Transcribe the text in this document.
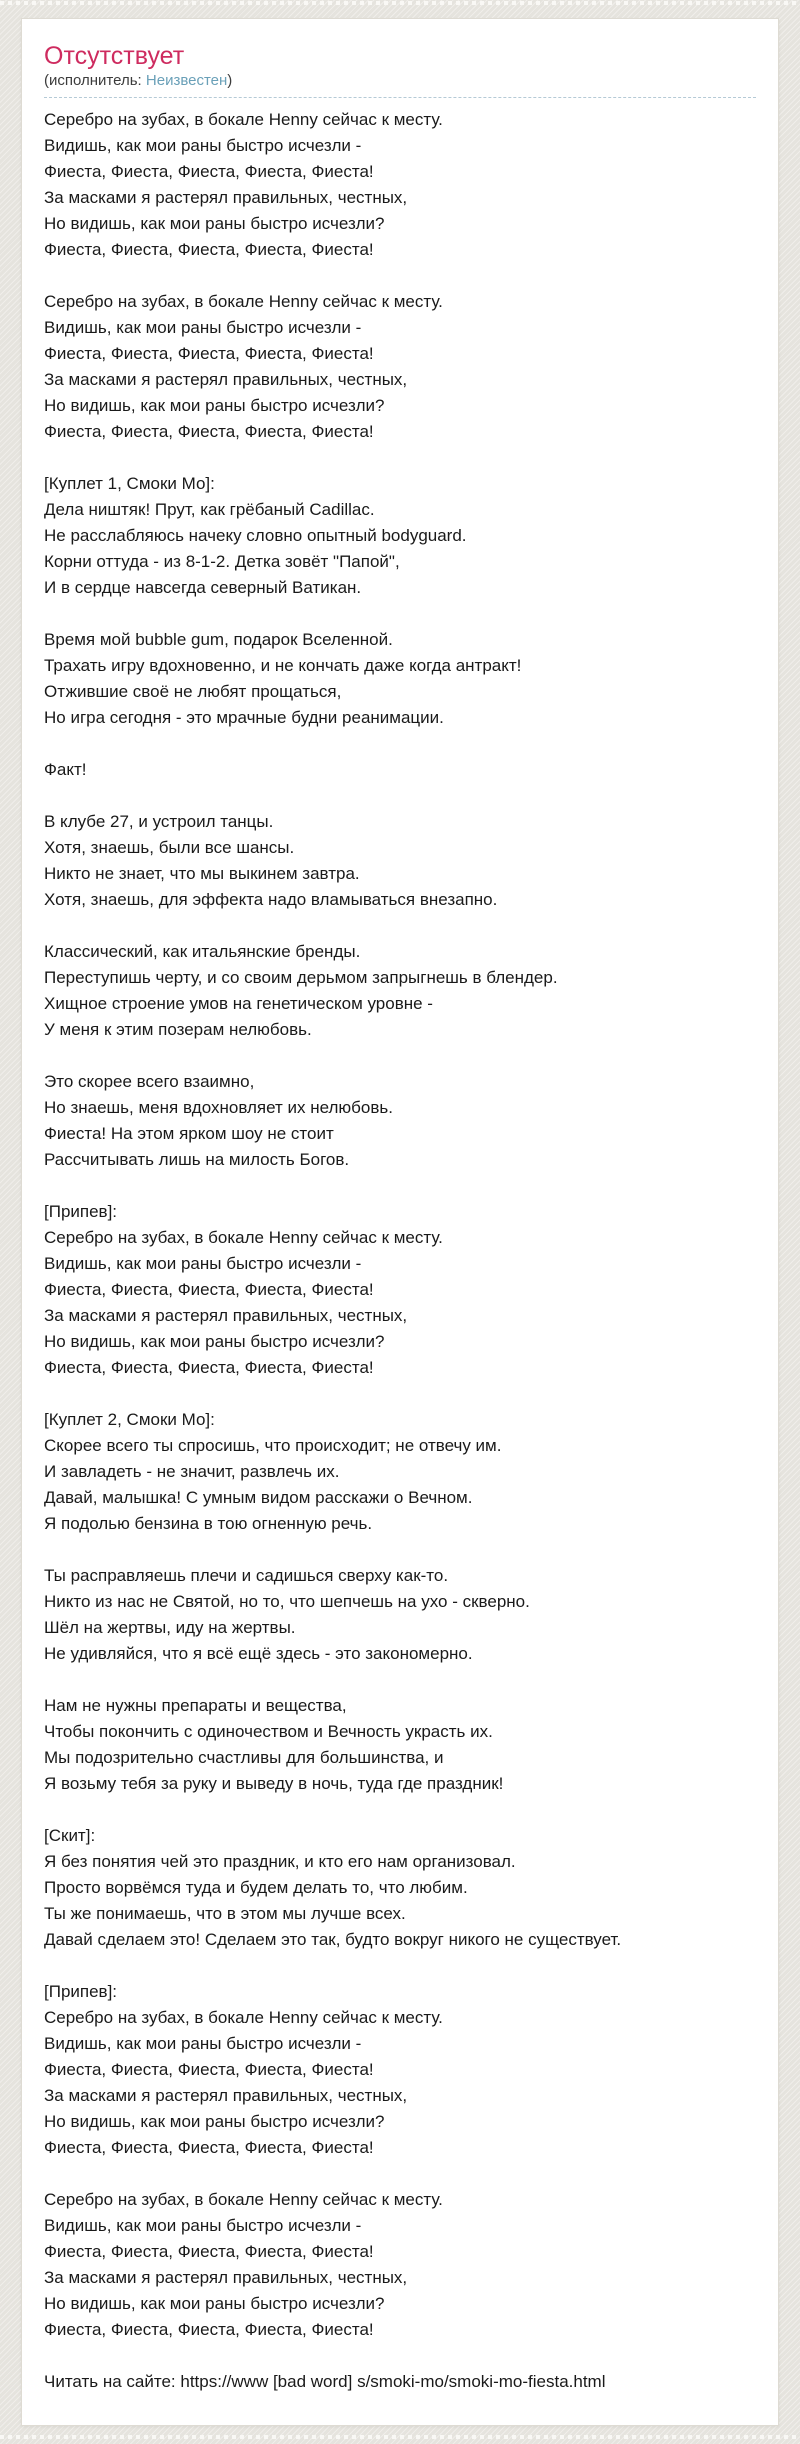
Отсутствует

(исполнитель: Неизвестен)

Серебро на зубах, в бокале Henny сейчас к месту.
Видишь, как мои раны быстро исчезли -
Фиеста, Фиеста, Фиеста, Фиеста, Фиеста!
За масками я растерял правильных, честных,
Но видишь, как мои раны быстро исчезли?
Фиеста, Фиеста, Фиеста, Фиеста, Фиеста!

Серебро на зубах, в бокале Henny сейчас к месту.
Видишь, как мои раны быстро исчезли -
Фиеста, Фиеста, Фиеста, Фиеста, Фиеста!
За масками я растерял правильных, честных,
Но видишь, как мои раны быстро исчезли?
Фиеста, Фиеста, Фиеста, Фиеста, Фиеста!

[Куплет 1, Смоки Мо]:
Дела ништяк! Прут, как грёбаный Cadillac.
Не расслабляюсь начеку словно опытный bodyguard.
Корни оттуда - из 8-1-2. Детка зовёт "Папой",
И в сердце навсегда северный Ватикан.

Время мой bubble gum, подарок Вселенной.
Трахать игру вдохновенно, и не кончать даже когда антракт!
Отжившие своё не любят прощаться,
Но игра сегодня - это мрачные будни реанимации.

Факт!

В клубе 27, и устроил танцы.
Хотя, знаешь, были все шансы.
Никто не знает, что мы выкинем завтра.
Хотя, знаешь, для эффекта надо вламываться внезапно.

Классический, как итальянские бренды.
Переступишь черту, и со своим дерьмом запрыгнешь в блендер.
Хищное строение умов на генетическом уровне -
У меня к этим позерам нелюбовь.

Это скорее всего взаимно,
Но знаешь, меня вдохновляет их нелюбовь.
Фиеста! На этом ярком шоу не стоит
Рассчитывать лишь на милость Богов.

[Припев]:
Серебро на зубах, в бокале Henny сейчас к месту.
Видишь, как мои раны быстро исчезли -
Фиеста, Фиеста, Фиеста, Фиеста, Фиеста!
За масками я растерял правильных, честных,
Но видишь, как мои раны быстро исчезли?
Фиеста, Фиеста, Фиеста, Фиеста, Фиеста!

[Куплет 2, Смоки Мо]:
Скорее всего ты спросишь, что происходит; не отвечу им.
И завладеть - не значит, развлечь их.
Давай, малышка! С умным видом расскажи о Вечном.
Я подолью бензина в тою огненную речь.

Ты расправляешь плечи и садишься сверху как-то.
Никто из нас не Святой, но то, что шепчешь на ухо - скверно.
Шёл на жертвы, иду на жертвы.
Не удивляйся, что я всё ещё здесь - это закономерно.

Нам не нужны препараты и вещества,
Чтобы покончить с одиночеством и Вечность украсть их.
Мы подозрительно счастливы для большинства, и
Я возьму тебя за руку и выведу в ночь, туда где праздник!

[Скит]:
Я без понятия чей это праздник, и кто его нам организовал.
Просто ворвёмся туда и будем делать то, что любим.
Ты же понимаешь, что в этом мы лучше всех.
Давай сделаем это! Сделаем это так, будто вокруг никого не существует.

[Припев]:
Серебро на зубах, в бокале Henny сейчас к месту.
Видишь, как мои раны быстро исчезли -
Фиеста, Фиеста, Фиеста, Фиеста, Фиеста!
За масками я растерял правильных, честных,
Но видишь, как мои раны быстро исчезли?
Фиеста, Фиеста, Фиеста, Фиеста, Фиеста!

Серебро на зубах, в бокале Henny сейчас к месту.
Видишь, как мои раны быстро исчезли -
Фиеста, Фиеста, Фиеста, Фиеста, Фиеста!
За масками я растерял правильных, честных,
Но видишь, как мои раны быстро исчезли?
Фиеста, Фиеста, Фиеста, Фиеста, Фиеста!

Читать на сайте: https://www [bad word] s/smoki-mo/smoki-mo-fiesta.html
